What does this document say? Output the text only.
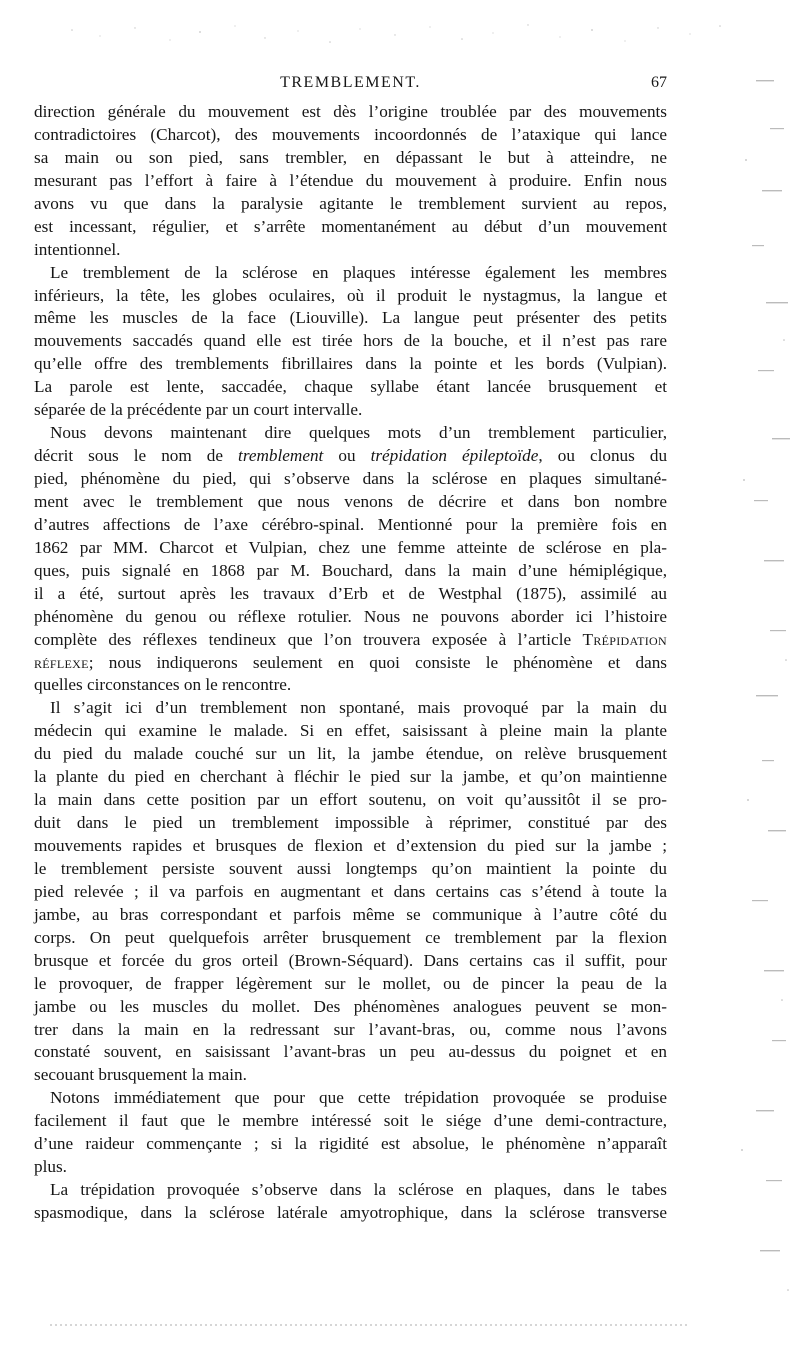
TREMBLEMENT.	67
direction générale du mouvement est dès l’origine troublée par des mouvements
contradictoires (Charcot), des mouvements incoordonnés de l’ataxique qui lance
sa main ou son pied, sans trembler, en dépassant le but à atteindre, ne
mesurant pas l’effort à faire à l’étendue du mouvement à produire. Enfin nous
avons vu que dans la paralysie agitante le tremblement survient au repos,
est incessant, régulier, et s’arrête momentanément au début d’un mouvement
intentionnel.
Le tremblement de la sclérose en plaques intéresse également les membres
inférieurs, la tête, les globes oculaires, où il produit le nystagmus, la langue et
même les muscles de la face (Liouville). La langue peut présenter des petits
mouvements saccadés quand elle est tirée hors de la bouche, et il n’est pas rare
qu’elle offre des tremblements fibrillaires dans la pointe et les bords (Vulpian).
La parole est lente, saccadée, chaque syllabe étant lancée brusquement et
séparée de la précédente par un court intervalle.
Nous devons maintenant dire quelques mots d’un tremblement particulier,
décrit sous le nom de tremblement ou trépidation épileptoïde, ou clonus du
pied, phénomène du pied, qui s’observe dans la sclérose en plaques simultané-
ment avec le tremblement que nous venons de décrire et dans bon nombre
d’autres affections de l’axe cérébro-spinal. Mentionné pour la première fois en
1862 par MM. Charcot et Vulpian, chez une femme atteinte de sclérose en pla-
ques, puis signalé en 1868 par M. Bouchard, dans la main d’une hémiplégique,
il a été, surtout après les travaux d’Erb et de Westphal (1875), assimilé au
phénomène du genou ou réflexe rotulier. Nous ne pouvons aborder ici l’histoire
complète des réflexes tendineux que l’on trouvera exposée à l’article Trépidation
réflexe; nous indiquerons seulement en quoi consiste le phénomène et dans
quelles circonstances on le rencontre.
Il s’agit ici d’un tremblement non spontané, mais provoqué par la main du
médecin qui examine le malade. Si en effet, saisissant à pleine main la plante
du pied du malade couché sur un lit, la jambe étendue, on relève brusquement
la plante du pied en cherchant à fléchir le pied sur la jambe, et qu’on maintienne
la main dans cette position par un effort soutenu, on voit qu’aussitôt il se pro-
duit dans le pied un tremblement impossible à réprimer, constitué par des
mouvements rapides et brusques de flexion et d’extension du pied sur la jambe ;
le tremblement persiste souvent aussi longtemps qu’on maintient la pointe du
pied relevée ; il va parfois en augmentant et dans certains cas s’étend à toute la
jambe, au bras correspondant et parfois même se communique à l’autre côté du
corps. On peut quelquefois arrêter brusquement ce tremblement par la flexion
brusque et forcée du gros orteil (Brown-Séquard). Dans certains cas il suffit, pour
le provoquer, de frapper légèrement sur le mollet, ou de pincer la peau de la
jambe ou les muscles du mollet. Des phénomènes analogues peuvent se mon-
trer dans la main en la redressant sur l’avant-bras, ou, comme nous l’avons
constaté souvent, en saisissant l’avant-bras un peu au-dessus du poignet et en
secouant brusquement la main.
Notons immédiatement que pour que cette trépidation provoquée se produise
facilement il faut que le membre intéressé soit le siége d’une demi-contracture,
d’une raideur commençante ; si la rigidité est absolue, le phénomène n’apparaît
plus.
La trépidation provoquée s’observe dans la sclérose en plaques, dans le tabes
spasmodique, dans la sclérose latérale amyotrophique, dans la sclérose transverse
